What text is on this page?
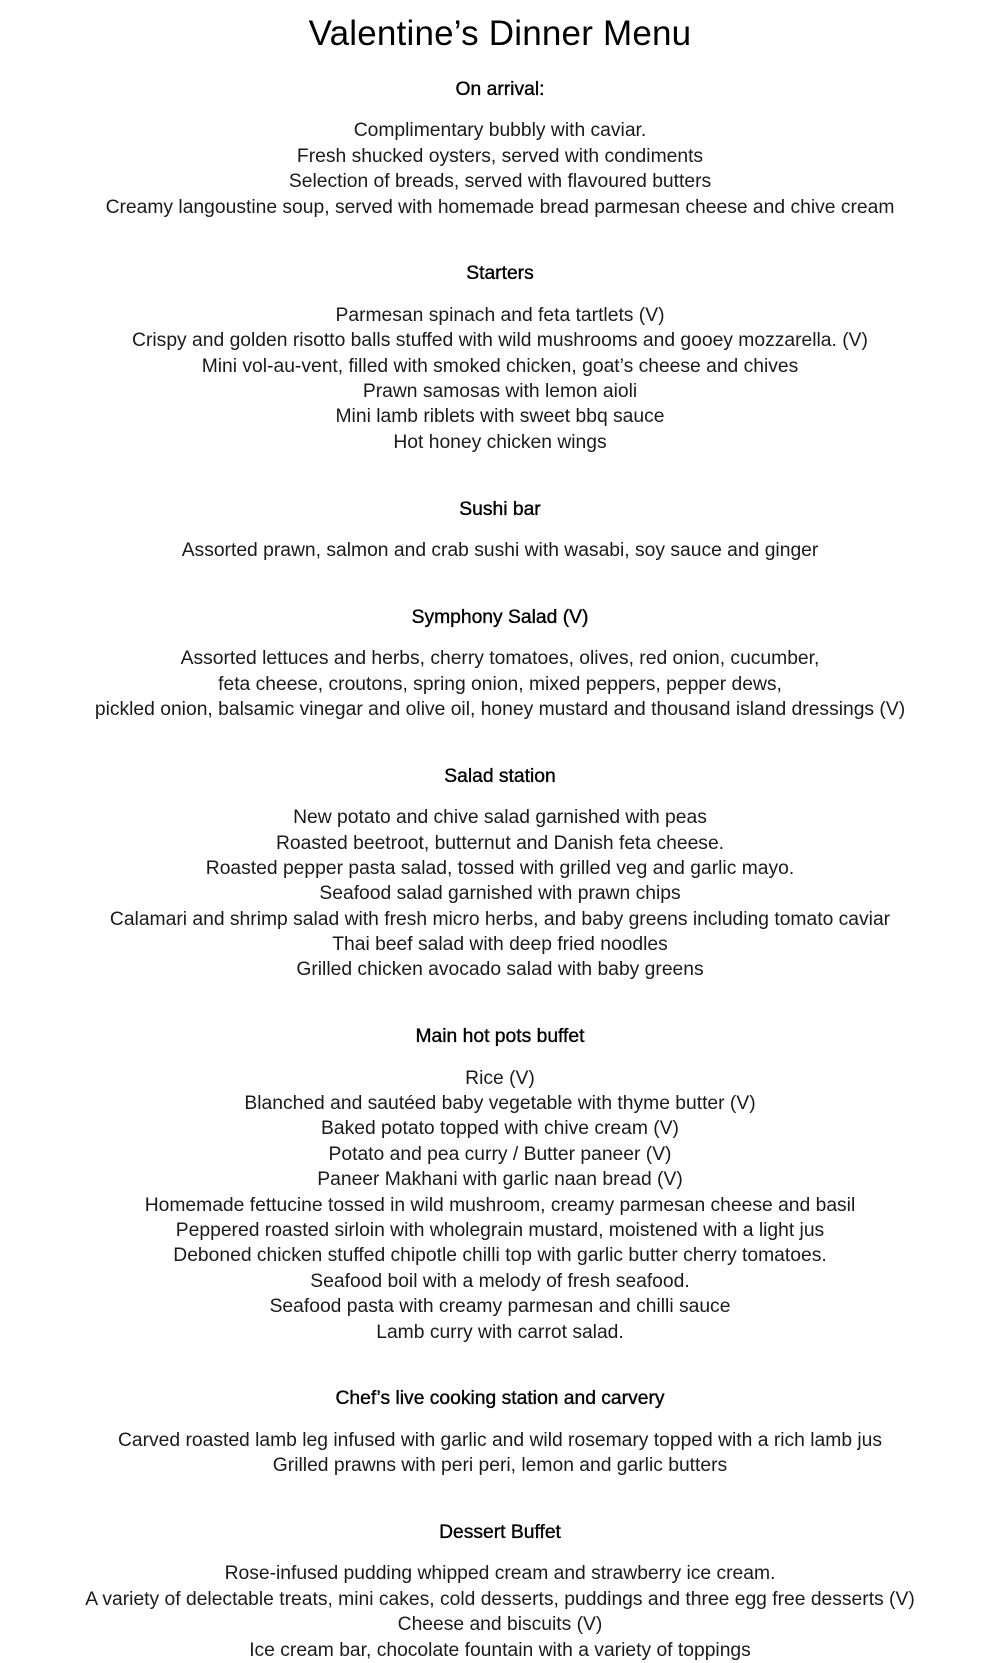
Valentine’s Dinner Menu
On arrival:
Complimentary bubbly with caviar.
Fresh shucked oysters, served with condiments
Selection of breads, served with flavoured butters
Creamy langoustine soup, served with homemade bread parmesan cheese and chive cream
Starters
Parmesan spinach and feta tartlets (V)
Crispy and golden risotto balls stuffed with wild mushrooms and gooey mozzarella. (V)
Mini vol-au-vent, filled with smoked chicken, goat’s cheese and chives
Prawn samosas with lemon aioli
Mini lamb riblets with sweet bbq sauce
Hot honey chicken wings
Sushi bar
Assorted prawn, salmon and crab sushi with wasabi, soy sauce and ginger
Symphony Salad (V)
Assorted lettuces and herbs, cherry tomatoes, olives, red onion, cucumber,
feta cheese, croutons, spring onion, mixed peppers, pepper dews,
pickled onion, balsamic vinegar and olive oil, honey mustard and thousand island dressings (V)
Salad station
New potato and chive salad garnished with peas
Roasted beetroot, butternut and Danish feta cheese.
Roasted pepper pasta salad, tossed with grilled veg and garlic mayo.
Seafood salad garnished with prawn chips
Calamari and shrimp salad with fresh micro herbs, and baby greens including tomato caviar
Thai beef salad with deep fried noodles
Grilled chicken avocado salad with baby greens
Main hot pots buffet
Rice (V)
Blanched and sautéed baby vegetable with thyme butter (V)
Baked potato topped with chive cream (V)
Potato and pea curry / Butter paneer (V)
Paneer Makhani with garlic naan bread (V)
Homemade fettucine tossed in wild mushroom, creamy parmesan cheese and basil
Peppered roasted sirloin with wholegrain mustard, moistened with a light jus
Deboned chicken stuffed chipotle chilli top with garlic butter cherry tomatoes.
Seafood boil with a melody of fresh seafood.
Seafood pasta with creamy parmesan and chilli sauce
Lamb curry with carrot salad.
Chef’s live cooking station and carvery
Carved roasted lamb leg infused with garlic and wild rosemary topped with a rich lamb jus
Grilled prawns with peri peri, lemon and garlic butters
Dessert Buffet
Rose-infused pudding whipped cream and strawberry ice cream.
A variety of delectable treats, mini cakes, cold desserts, puddings and three egg free desserts (V)
Cheese and biscuits (V)
Ice cream bar, chocolate fountain with a variety of toppings
